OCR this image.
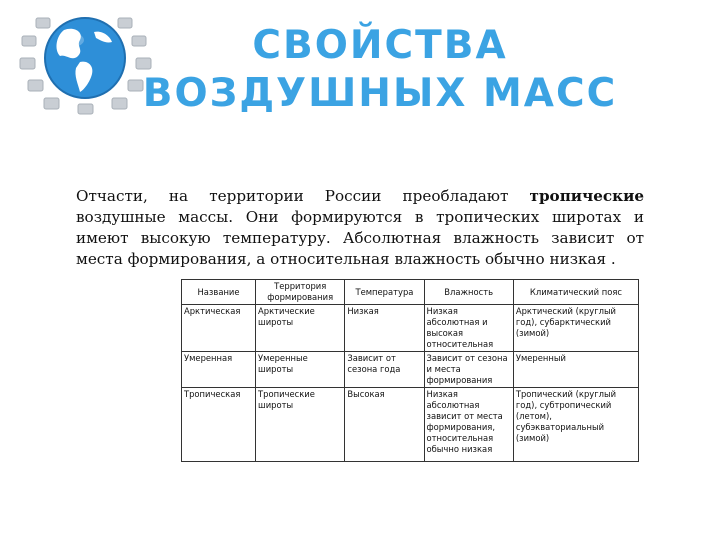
СВОЙСТВА
ВОЗДУШНЫХ МАСС
Отчасти, на территории России преобладают тропические воздушные массы. Они формируются в тропических широтах и имеют высокую температуру. Абсолютная влажность зависит от места формирования, а относительная влажность обычно низкая .
Название	Территория формирования	Температура	Влажность	Климатический пояс
Арктическая	Арктические широты	Низкая	Низкая абсолютная и высокая относительная	Арктический (круглый год), субарктический (зимой)
Умеренная	Умеренные широты	Зависит от сезона года	Зависит от сезона и места формирования	Умеренный
Тропическая	Тропические широты	Высокая	Низкая абсолютная зависит от места формирования, относительная обычно низкая	Тропический (круглый год), субтропический (летом), субэкваториальный (зимой)
